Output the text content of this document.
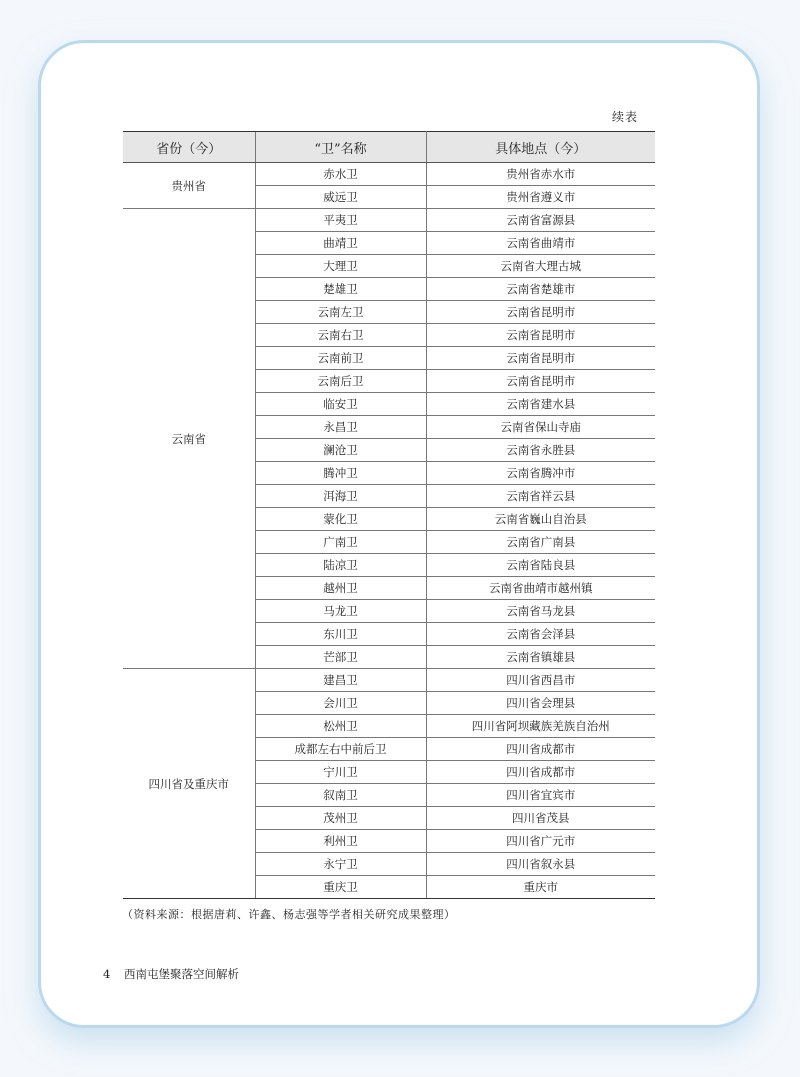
续表
省份（今）	“卫”名称	具体地点（今）
贵州省	赤水卫	贵州省赤水市
	威远卫	贵州省遵义市
云南省	平夷卫	云南省富源县
	曲靖卫	云南省曲靖市
	大理卫	云南省大理古城
	楚雄卫	云南省楚雄市
	云南左卫	云南省昆明市
	云南右卫	云南省昆明市
	云南前卫	云南省昆明市
	云南后卫	云南省昆明市
	临安卫	云南省建水县
	永昌卫	云南省保山寺庙
	澜沧卫	云南省永胜县
	腾冲卫	云南省腾冲市
	洱海卫	云南省祥云县
	蒙化卫	云南省巍山自治县
	广南卫	云南省广南县
	陆凉卫	云南省陆良县
	越州卫	云南省曲靖市越州镇
	马龙卫	云南省马龙县
	东川卫	云南省会泽县
	芒部卫	云南省镇雄县
四川省及重庆市	建昌卫	四川省西昌市
	会川卫	四川省会理县
	松州卫	四川省阿坝藏族羌族自治州
	成都左右中前后卫	四川省成都市
	宁川卫	四川省成都市
	叙南卫	四川省宜宾市
	茂州卫	四川省茂县
	利州卫	四川省广元市
	永宁卫	四川省叙永县
	重庆卫	重庆市
（资料来源：根据唐莉、许鑫、杨志强等学者相关研究成果整理）
4 西南屯堡聚落空间解析
